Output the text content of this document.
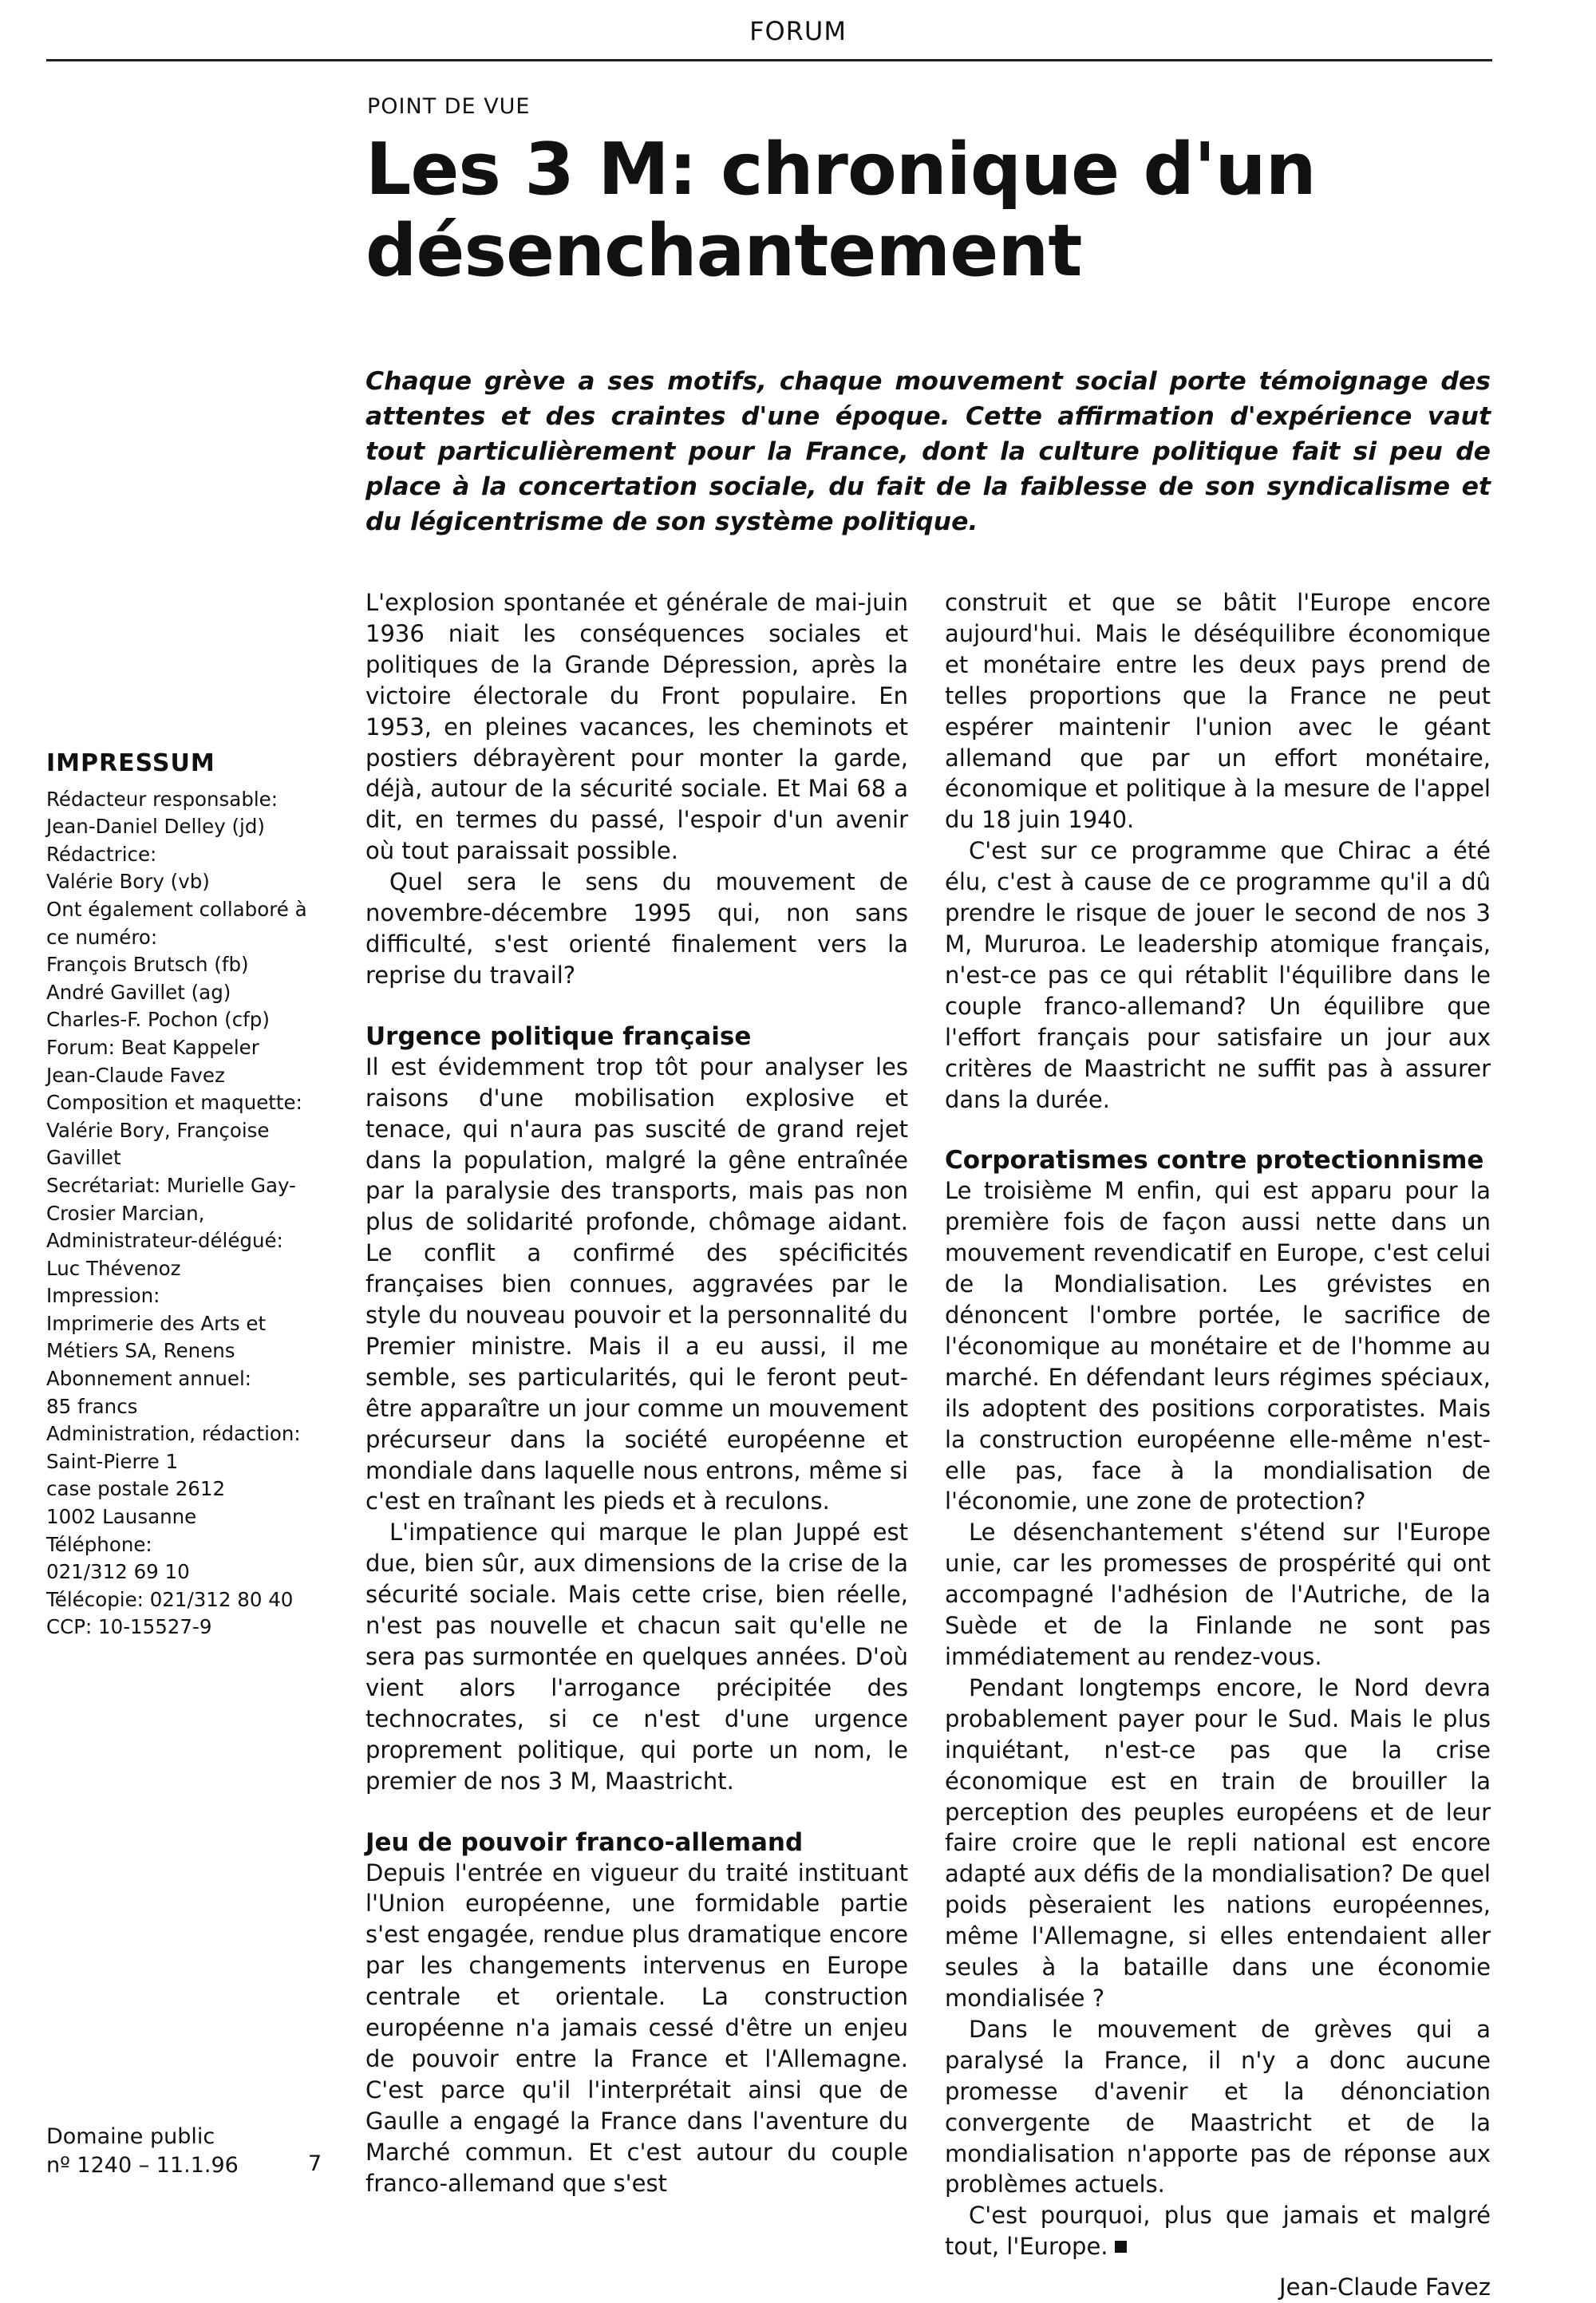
FORUM
POINT DE VUE
Les 3 M: chronique d'un désenchantement
Chaque grève a ses motifs, chaque mouvement social porte témoignage des attentes et des craintes d'une époque. Cette affirmation d'expérience vaut tout particulièrement pour la France, dont la culture politique fait si peu de place à la concertation sociale, du fait de la faiblesse de son syndicalisme et du légicentrisme de son système politique.
IMPRESSUM
Rédacteur responsable:
Jean-Daniel Delley (jd)
Rédactrice:
Valérie Bory (vb)
Ont également collaboré à
ce numéro:
François Brutsch (fb)
André Gavillet (ag)
Charles-F. Pochon (cfp)
Forum: Beat Kappeler
Jean-Claude Favez
Composition et maquette:
Valérie Bory, Françoise
Gavillet
Secrétariat: Murielle Gay-
Crosier Marcian,
Administrateur-délégué:
Luc Thévenoz
Impression:
Imprimerie des Arts et
Métiers SA, Renens
Abonnement annuel:
85 francs
Administration, rédaction:
Saint-Pierre 1
case postale 2612
1002 Lausanne
Téléphone:
021/312 69 10
Télécopie: 021/312 80 40
CCP: 10-15527-9

L'explosion spontanée et générale de mai-juin 1936 niait les conséquences sociales et politiques de la Grande Dépression, après la victoire électorale du Front populaire. En 1953, en pleines vacances, les cheminots et postiers débrayèrent pour monter la garde, déjà, autour de la sécurité sociale. Et Mai 68 a dit, en termes du passé, l'espoir d'un avenir où tout paraissait possible.

Quel sera le sens du mouvement de novembre-décembre 1995 qui, non sans difficulté, s'est orienté finalement vers la reprise du travail?

Urgence politique française

Il est évidemment trop tôt pour analyser les raisons d'une mobilisation explosive et tenace, qui n'aura pas suscité de grand rejet dans la population, malgré la gêne entraînée par la paralysie des transports, mais pas non plus de solidarité profonde, chômage aidant. Le conflit a confirmé des spécificités françaises bien connues, aggravées par le style du nouveau pouvoir et la personnalité du Premier ministre. Mais il a eu aussi, il me semble, ses particularités, qui le feront peut-être apparaître un jour comme un mouvement précurseur dans la société européenne et mondiale dans laquelle nous entrons, même si c'est en traînant les pieds et à reculons.

L'impatience qui marque le plan Juppé est due, bien sûr, aux dimensions de la crise de la sécurité sociale. Mais cette crise, bien réelle, n'est pas nouvelle et chacun sait qu'elle ne sera pas surmontée en quelques années. D'où vient alors l'arrogance précipitée des technocrates, si ce n'est d'une urgence proprement politique, qui porte un nom, le premier de nos 3 M, Maastricht.

Jeu de pouvoir franco-allemand

Depuis l'entrée en vigueur du traité instituant l'Union européenne, une formidable partie s'est engagée, rendue plus dramatique encore par les changements intervenus en Europe centrale et orientale. La construction européenne n'a jamais cessé d'être un enjeu de pouvoir entre la France et l'Allemagne. C'est parce qu'il l'interprétait ainsi que de Gaulle a engagé la France dans l'aventure du Marché commun. Et c'est autour du couple franco-allemand que s'est

construit et que se bâtit l'Europe encore aujourd'hui. Mais le déséquilibre économique et monétaire entre les deux pays prend de telles proportions que la France ne peut espérer maintenir l'union avec le géant allemand que par un effort monétaire, économique et politique à la mesure de l'appel du 18 juin 1940.

C'est sur ce programme que Chirac a été élu, c'est à cause de ce programme qu'il a dû prendre le risque de jouer le second de nos 3 M, Mururoa. Le leadership atomique français, n'est-ce pas ce qui rétablit l'équilibre dans le couple franco-allemand? Un équilibre que l'effort français pour satisfaire un jour aux critères de Maastricht ne suffit pas à assurer dans la durée.

Corporatismes contre protectionnisme

Le troisième M enfin, qui est apparu pour la première fois de façon aussi nette dans un mouvement revendicatif en Europe, c'est celui de la Mondialisation. Les grévistes en dénoncent l'ombre portée, le sacrifice de l'économique au monétaire et de l'homme au marché. En défendant leurs régimes spéciaux, ils adoptent des positions corporatistes. Mais la construction européenne elle-même n'est-elle pas, face à la mondialisation de l'économie, une zone de protection?

Le désenchantement s'étend sur l'Europe unie, car les promesses de prospérité qui ont accompagné l'adhésion de l'Autriche, de la Suède et de la Finlande ne sont pas immédiatement au rendez-vous.

Pendant longtemps encore, le Nord devra probablement payer pour le Sud. Mais le plus inquiétant, n'est-ce pas que la crise économique est en train de brouiller la perception des peuples européens et de leur faire croire que le repli national est encore adapté aux défis de la mondialisation? De quel poids pèseraient les nations européennes, même l'Allemagne, si elles entendaient aller seules à la bataille dans une économie mondialisée ?

Dans le mouvement de grèves qui a paralysé la France, il n'y a donc aucune promesse d'avenir et la dénonciation convergente de Maastricht et de la mondialisation n'apporte pas de réponse aux problèmes actuels.

C'est pourquoi, plus que jamais et malgré tout, l'Europe.

Jean-Claude Favez

Domaine public
nº 1240 – 11.1.96	7
